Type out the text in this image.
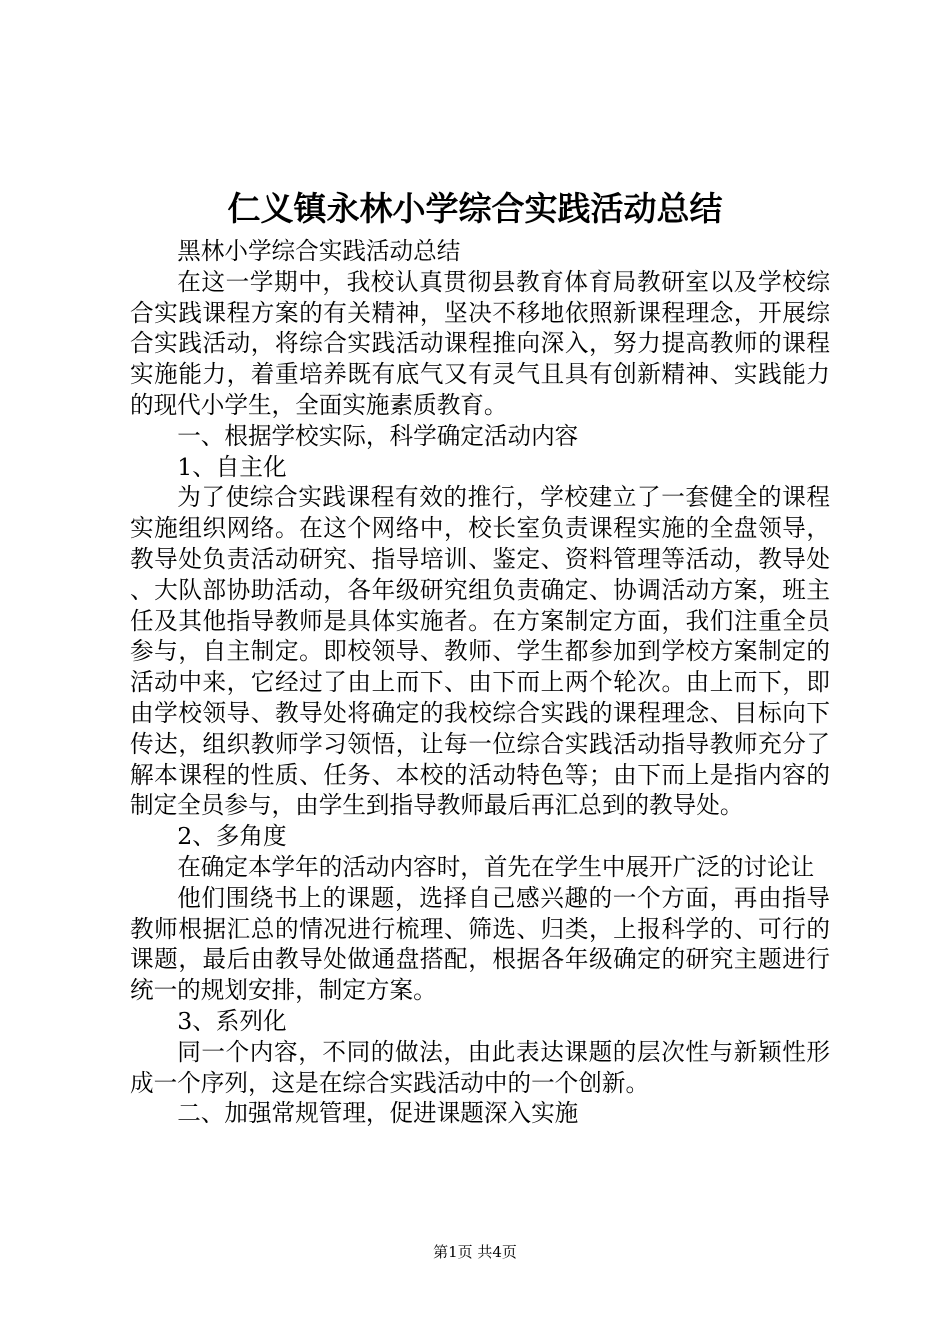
仁义镇永林小学综合实践活动总结

黑林小学综合实践活动总结

在这一学期中，我校认真贯彻县教育体育局教研室以及学校综合实践课程方案的有关精神，坚决不移地依照新课程理念，开展综合实践活动，将综合实践活动课程推向深入，努力提高教师的课程实施能力，着重培养既有底气又有灵气且具有创新精神、实践能力的现代小学生，全面实施素质教育。

一、根据学校实际，科学确定活动内容

1、自主化

为了使综合实践课程有效的推行，学校建立了一套健全的课程实施组织网络。在这个网络中，校长室负责课程实施的全盘领导，教导处负责活动研究、指导培训、鉴定、资料管理等活动，教导处、大队部协助活动，各年级研究组负责确定、协调活动方案，班主任及其他指导教师是具体实施者。在方案制定方面，我们注重全员参与，自主制定。即校领导、教师、学生都参加到学校方案制定的活动中来，它经过了由上而下、由下而上两个轮次。由上而下，即由学校领导、教导处将确定的我校综合实践的课程理念、目标向下传达，组织教师学习领悟，让每一位综合实践活动指导教师充分了解本课程的性质、任务、本校的活动特色等；由下而上是指内容的制定全员参与，由学生到指导教师最后再汇总到的教导处。

2、多角度

在确定本学年的活动内容时，首先在学生中展开广泛的讨论让

他们围绕书上的课题，选择自己感兴趣的一个方面，再由指导教师根据汇总的情况进行梳理、筛选、归类，上报科学的、可行的课题，最后由教导处做通盘搭配，根据各年级确定的研究主题进行统一的规划安排，制定方案。

3、系列化

同一个内容，不同的做法，由此表达课题的层次性与新颖性形成一个序列，这是在综合实践活动中的一个创新。

二、加强常规管理，促进课题深入实施

第1页 共4页
